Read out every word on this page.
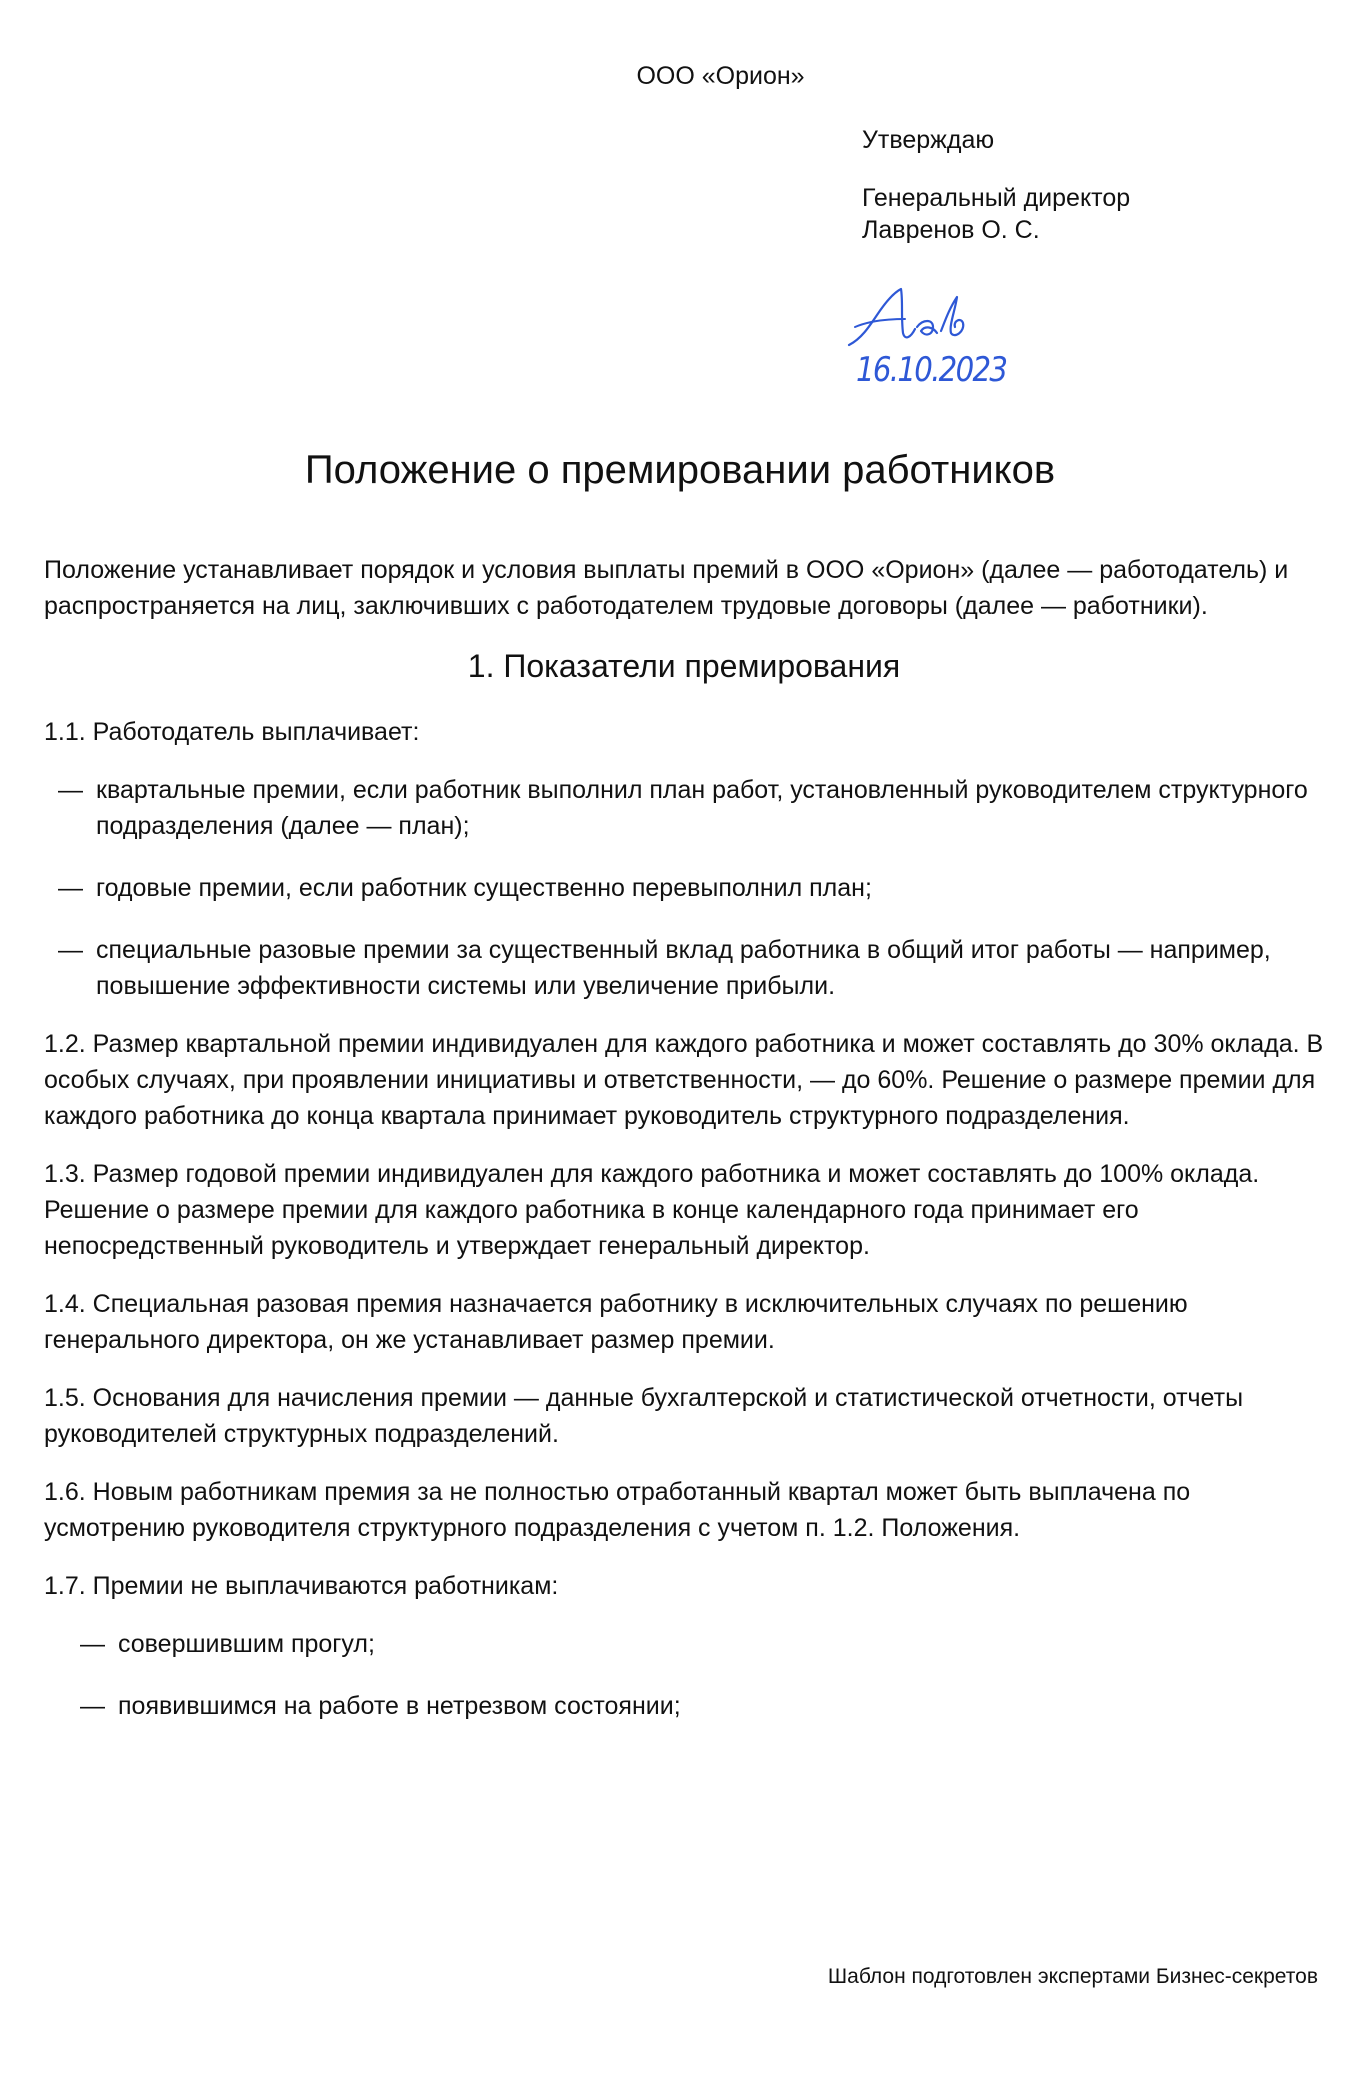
ООО «Орион»
Утверждаю
Генеральный директор
Лавренов О. С.
16.10.2023
Положение о премировании работников

Положение устанавливает порядок и условия выплаты премий в ООО «Орион» (далее — работодатель) и распространяется на лиц, заключивших с работодателем трудовые договоры (далее — работники).

1. Показатели премирования

1.1. Работодатель выплачивает:

— квартальные премии, если работник выполнил план работ, установленный руководителем структурного подразделения (далее — план);
— годовые премии, если работник существенно перевыполнил план;
— специальные разовые премии за существенный вклад работника в общий итог работы — например, повышение эффективности системы или увеличение прибыли.

1.2. Размер квартальной премии индивидуален для каждого работника и может составлять до 30% оклада. В особых случаях, при проявлении инициативы и ответственности, — до 60%. Решение о размере премии для каждого работника до конца квартала принимает руководитель структурного подразделения.

1.3. Размер годовой премии индивидуален для каждого работника и может составлять до 100% оклада. Решение о размере премии для каждого работника в конце календарного года принимает его непосредственный руководитель и утверждает генеральный директор.

1.4. Специальная разовая премия назначается работнику в исключительных случаях по решению генерального директора, он же устанавливает размер премии.

1.5. Основания для начисления премии — данные бухгалтерской и статистической отчетности, отчеты руководителей структурных подразделений.

1.6. Новым работникам премия за не полностью отработанный квартал может быть выплачена по усмотрению руководителя структурного подразделения с учетом п. 1.2. Положения.

1.7. Премии не выплачиваются работникам:

— совершившим прогул;
— появившимся на работе в нетрезвом состоянии;
Шаблон подготовлен экспертами Бизнес-секретов
